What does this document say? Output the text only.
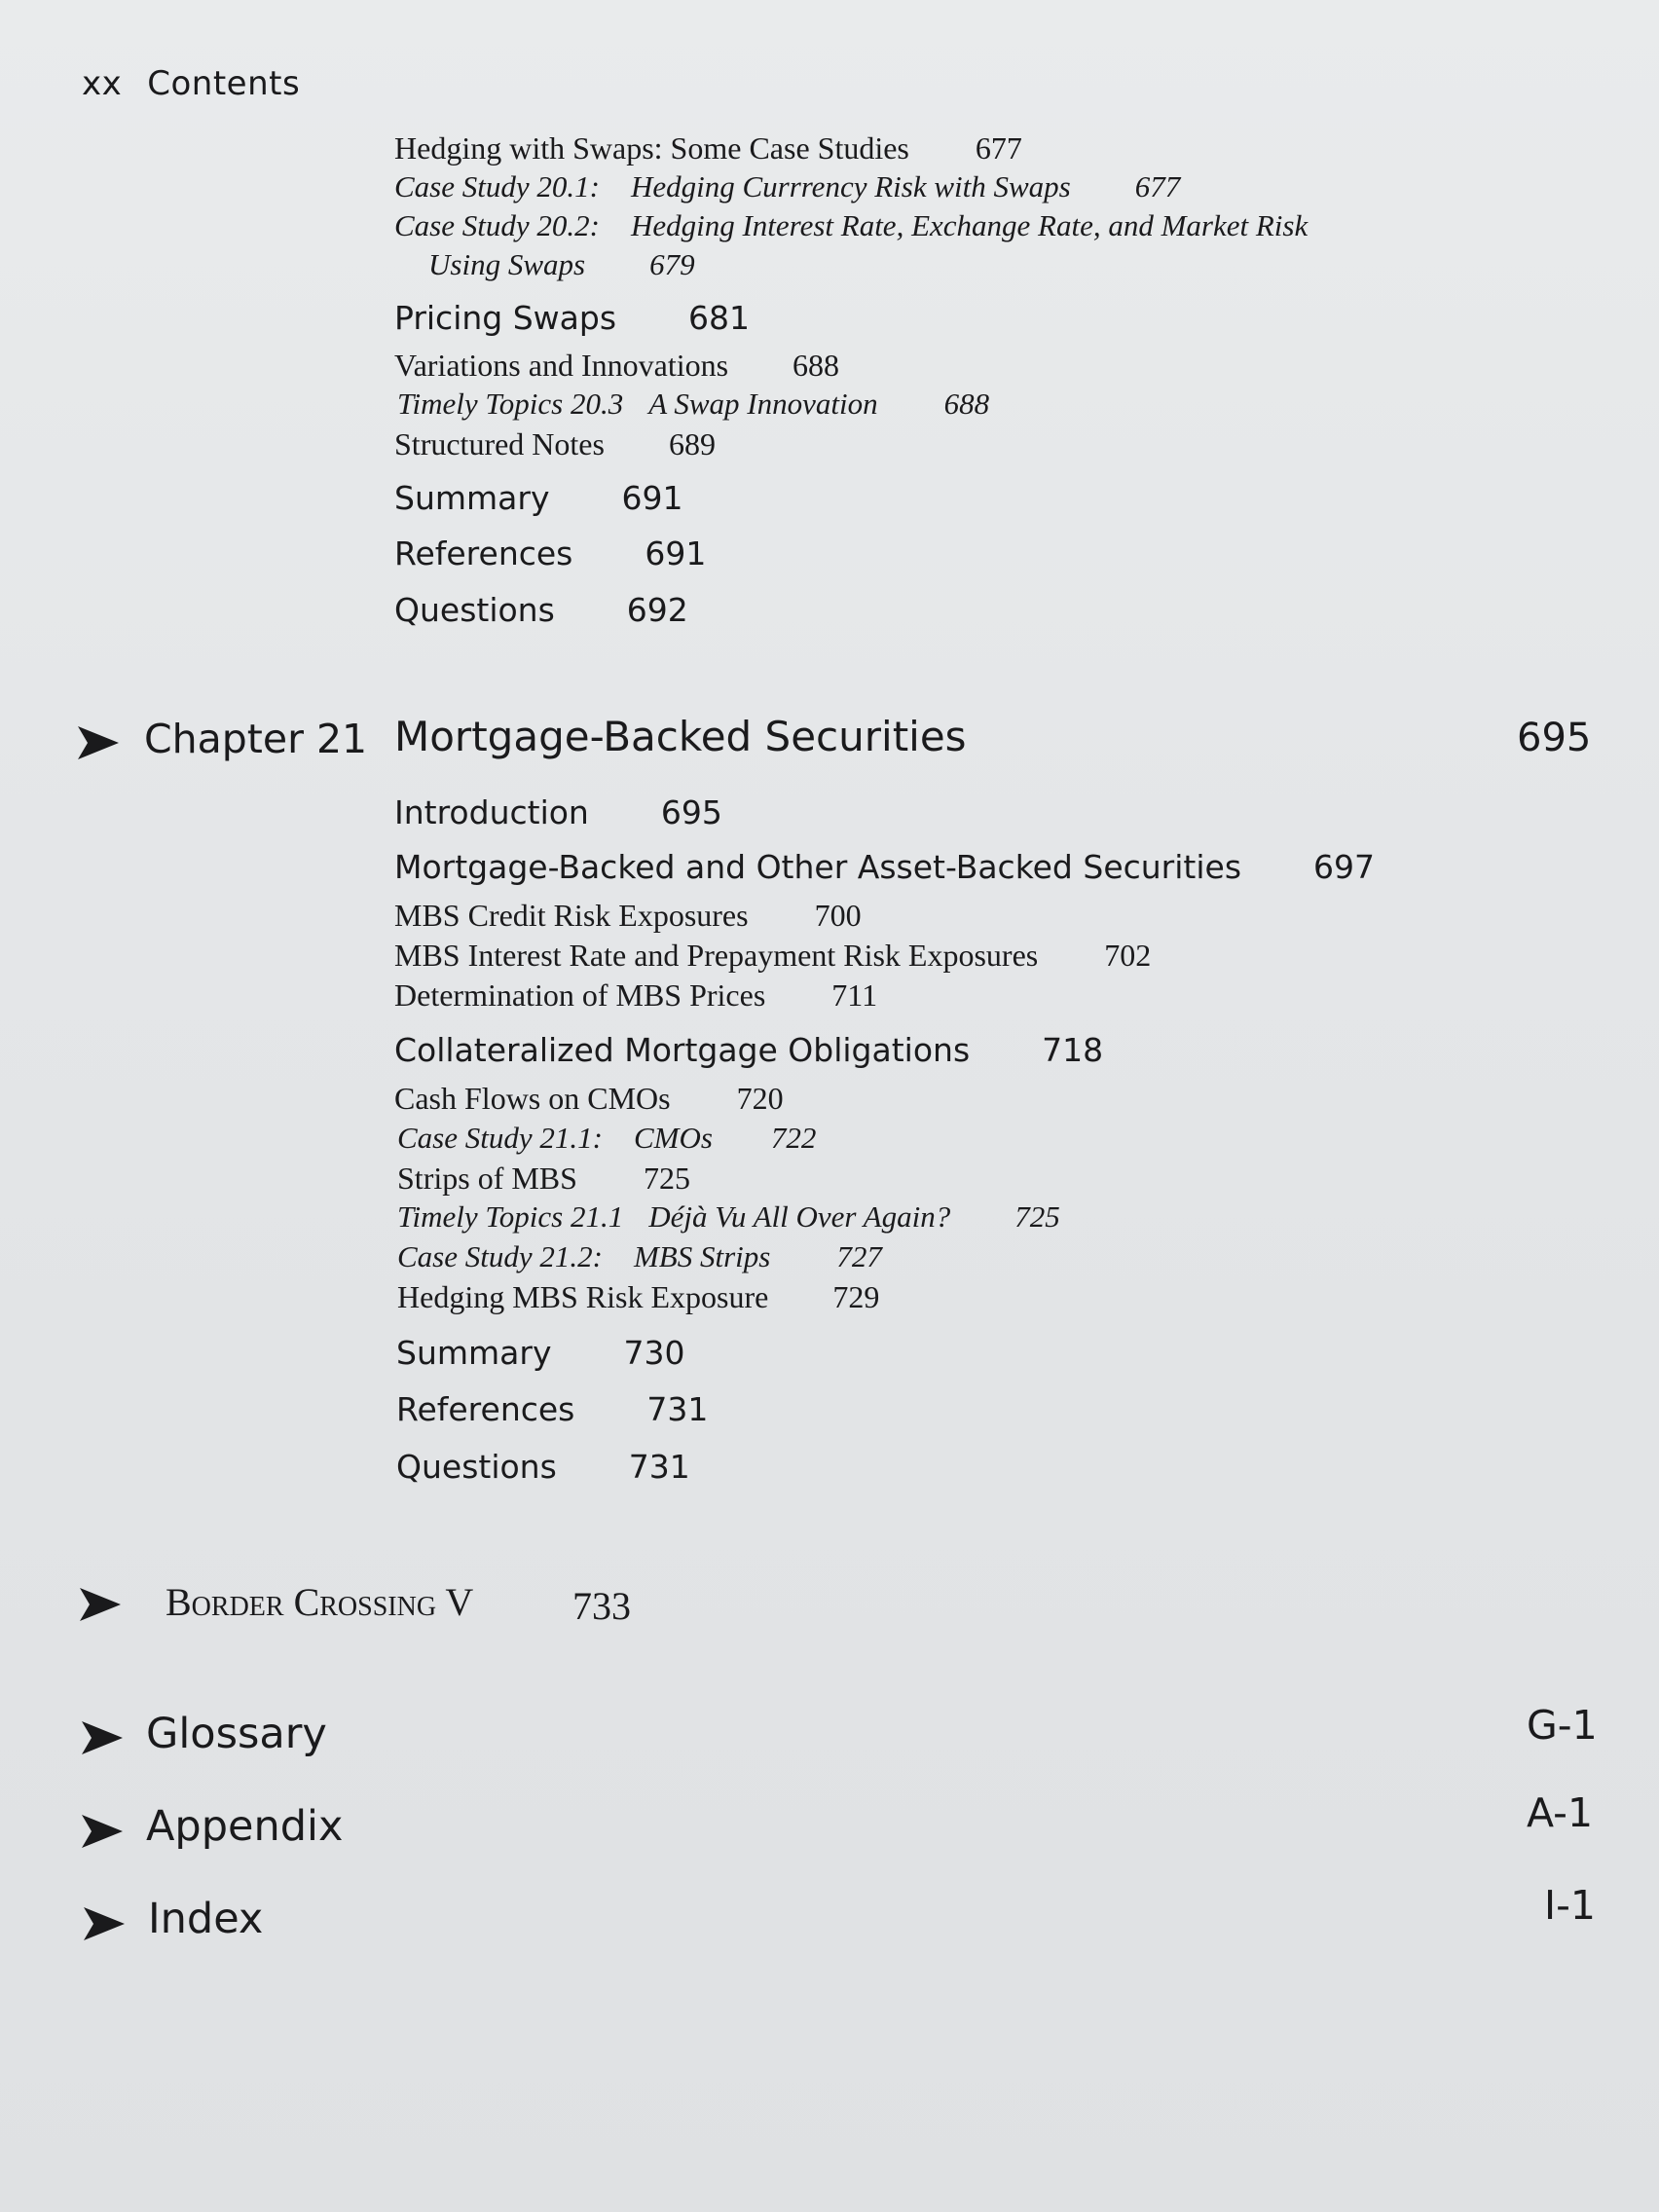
xx Contents
Hedging with Swaps: Some Case Studies 677
Case Study 20.1: Hedging Currrency Risk with Swaps 677
Case Study 20.2: Hedging Interest Rate, Exchange Rate, and Market Risk
Using Swaps 679
Pricing Swaps 681
Variations and Innovations 688
Timely Topics 20.3 A Swap Innovation 688
Structured Notes 689
Summary 691
References 691
Questions 692
Chapter 21 Mortgage-Backed Securities	695
Introduction 695
Mortgage-Backed and Other Asset-Backed Securities 697
MBS Credit Risk Exposures 700
MBS Interest Rate and Prepayment Risk Exposures 702
Determination of MBS Prices 711
Collateralized Mortgage Obligations 718
Cash Flows on CMOs 720
Case Study 21.1: CMOs 722
Strips of MBS 725
Timely Topics 21.1 Déjà Vu All Over Again? 725
Case Study 21.2: MBS Strips 727
Hedging MBS Risk Exposure 729
Summary 730
References 731
Questions 731
Border Crossing V	733
Glossary	G-1
Appendix	A-1
Index	I-1
